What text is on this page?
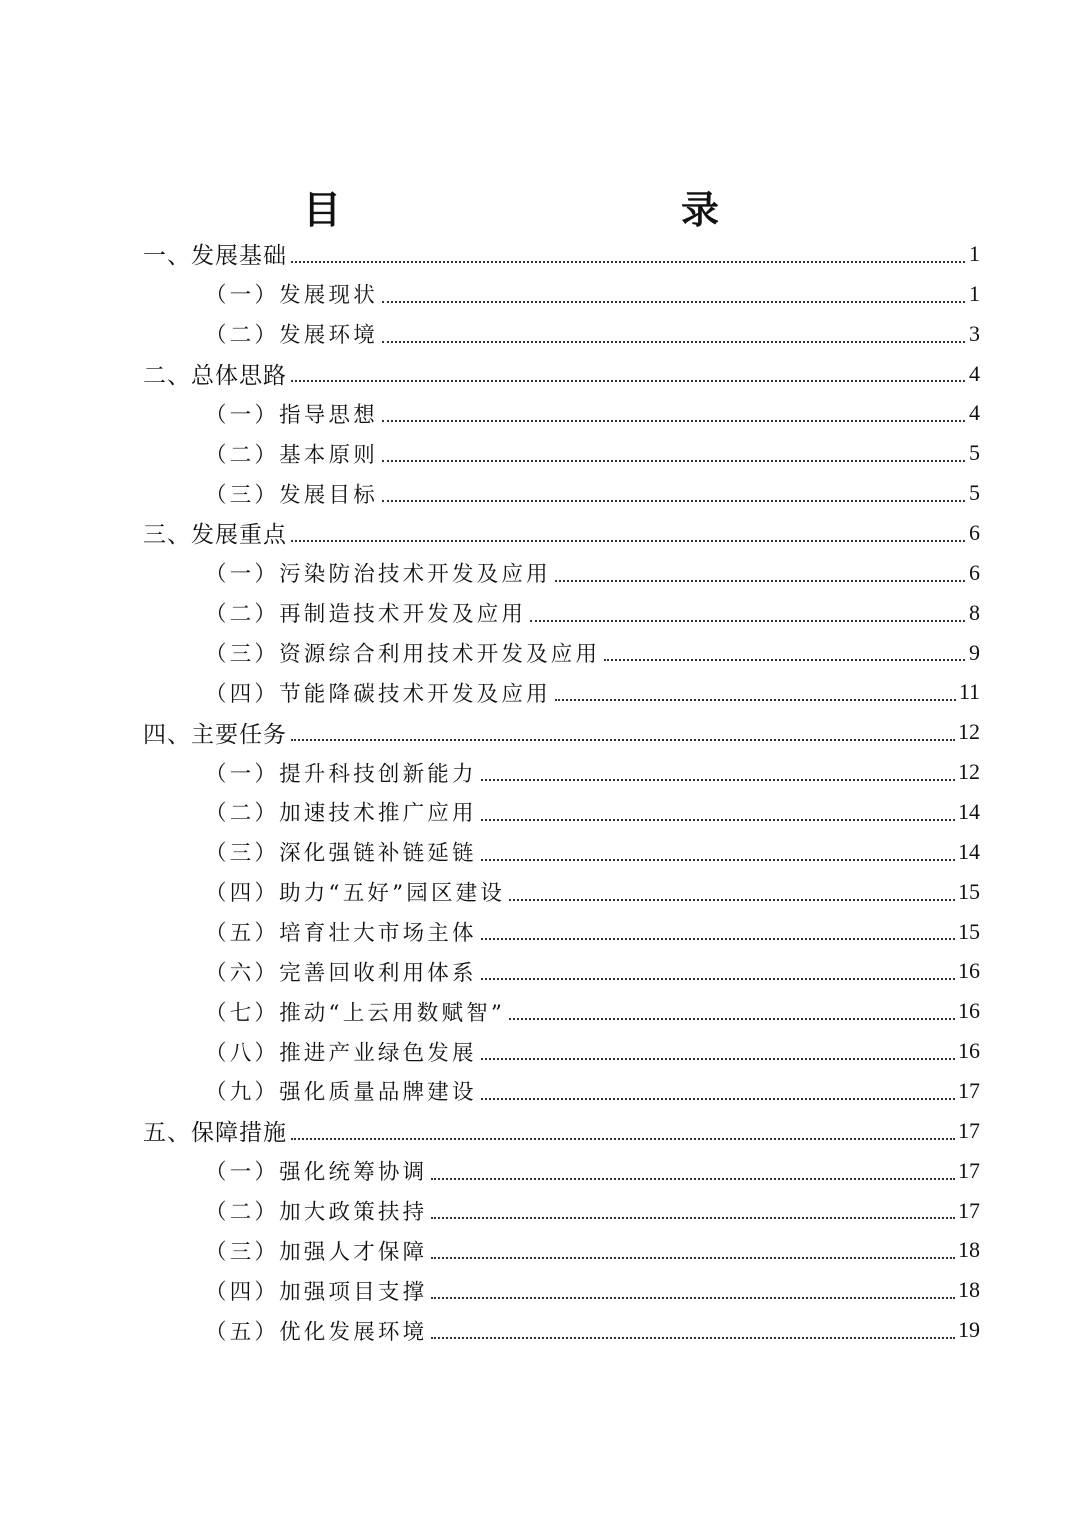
目　　录
一、发展基础	1
（一）发展现状	1
（二）发展环境	3
二、总体思路	4
（一）指导思想	4
（二）基本原则	5
（三）发展目标	5
三、发展重点	6
（一）污染防治技术开发及应用	6
（二）再制造技术开发及应用	8
（三）资源综合利用技术开发及应用	9
（四）节能降碳技术开发及应用	11
四、主要任务	12
（一）提升科技创新能力	12
（二）加速技术推广应用	14
（三）深化强链补链延链	14
（四）助力“五好”园区建设	15
（五）培育壮大市场主体	15
（六）完善回收利用体系	16
（七）推动“上云用数赋智”	16
（八）推进产业绿色发展	16
（九）强化质量品牌建设	17
五、保障措施	17
（一）强化统筹协调	17
（二）加大政策扶持	17
（三）加强人才保障	18
（四）加强项目支撑	18
（五）优化发展环境	19
